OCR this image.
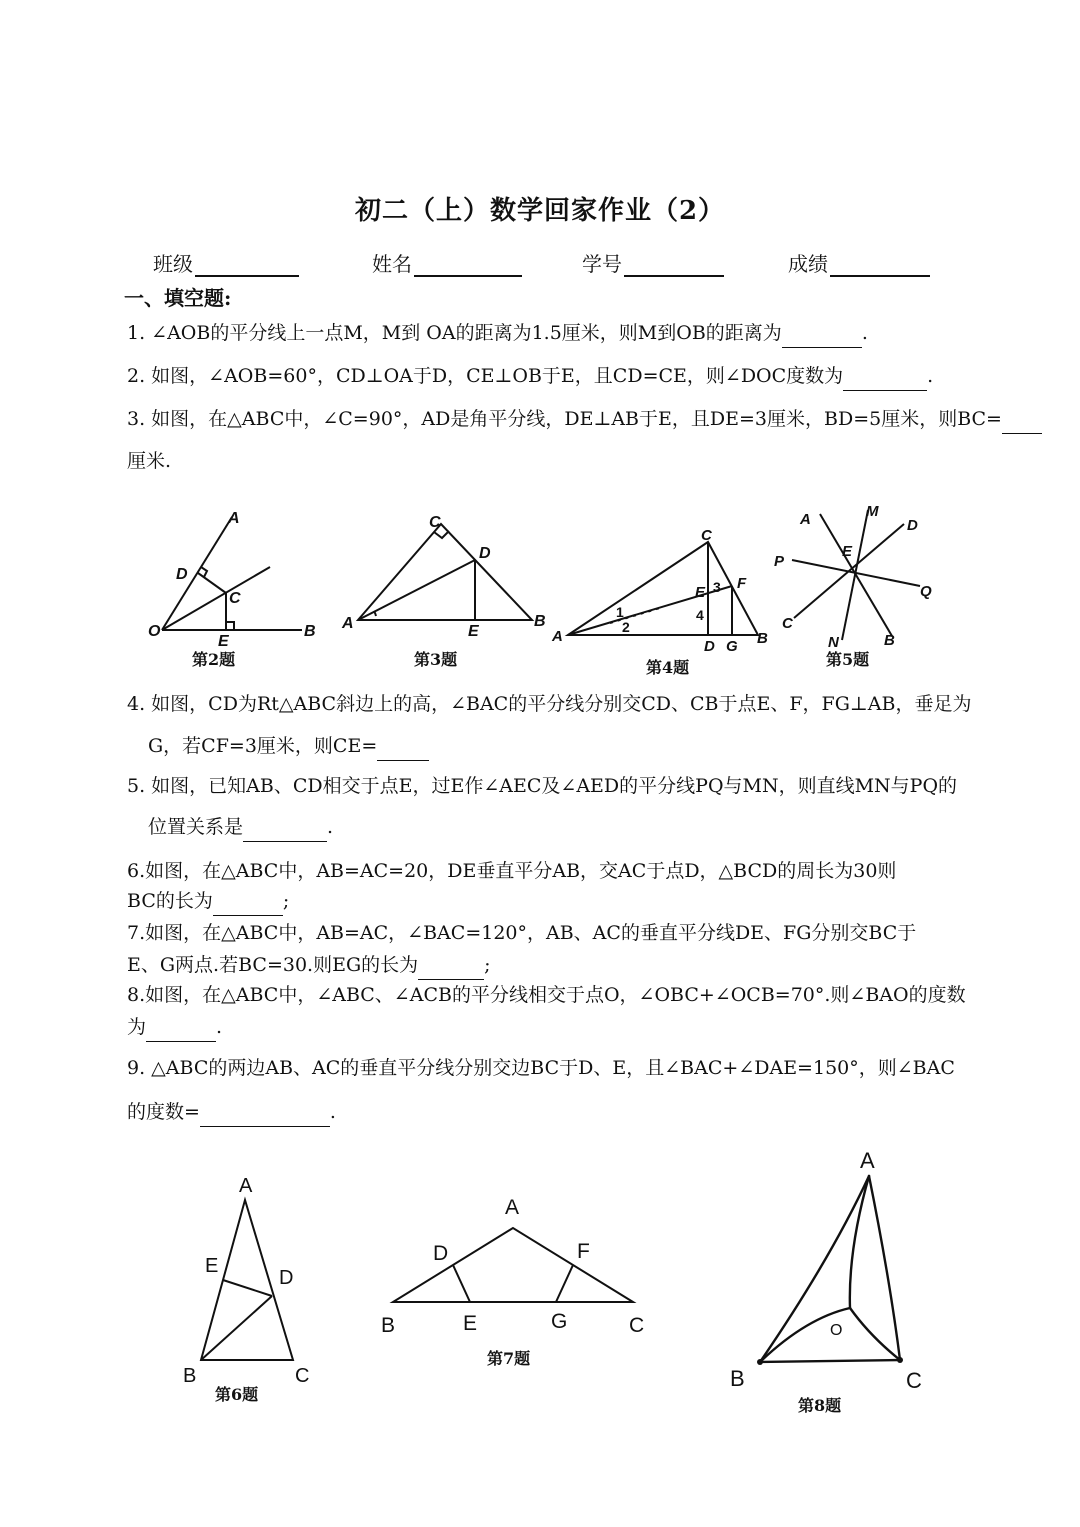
初二（上）数学回家作业（2）
班级	姓名	学号	成绩
一、填空题:
1. ∠AOB的平分线上一点M，M到 OA的距离为1.5厘米，则M到OB的距离为	.
2. 如图，∠AOB=60°，CD⊥OA于D，CE⊥OB于E，且CD=CE，则∠DOC度数为	.
3. 如图，在△ABC中，∠C=90°，AD是角平分线，DE⊥AB于E，且DE=3厘米，BD=5厘米，则BC=
厘米.
A
B
O
D
C
E
第2题
A	B
C
D
E
第3题
A	B
C
D
E
F
G
1
2
3
4
第4题
A
B
C
D
E
M
N
P
Q
第5题
4. 如图，CD为Rt△ABC斜边上的高，∠BAC的平分线分别交CD、CB于点E、F，FG⊥AB，垂足为
G，若CF=3厘米，则CE=
5. 如图，已知AB、CD相交于点E，过E作∠AEC及∠AED的平分线PQ与MN，则直线MN与PQ的
位置关系是	.
6.如图，在△ABC中，AB=AC=20，DE垂直平分AB，交AC于点D，△BCD的周长为30则
BC的长为	;
7.如图，在△ABC中，AB=AC，∠BAC=120°，AB、AC的垂直平分线DE、FG分别交BC于
E、G两点.若BC=30.则EG的长为	;
8.如图，在△ABC中，∠ABC、∠ACB的平分线相交于点O，∠OBC+∠OCB=70°.则∠BAO的度数
为	.
9. △ABC的两边AB、AC的垂直平分线分别交边BC于D、E，且∠BAC+∠DAE=150°，则∠BAC
的度数=	.
A
B	C
D
E
第6题
A
B	C
D
E
F
G
第7题
A
B	C
O
第8题
